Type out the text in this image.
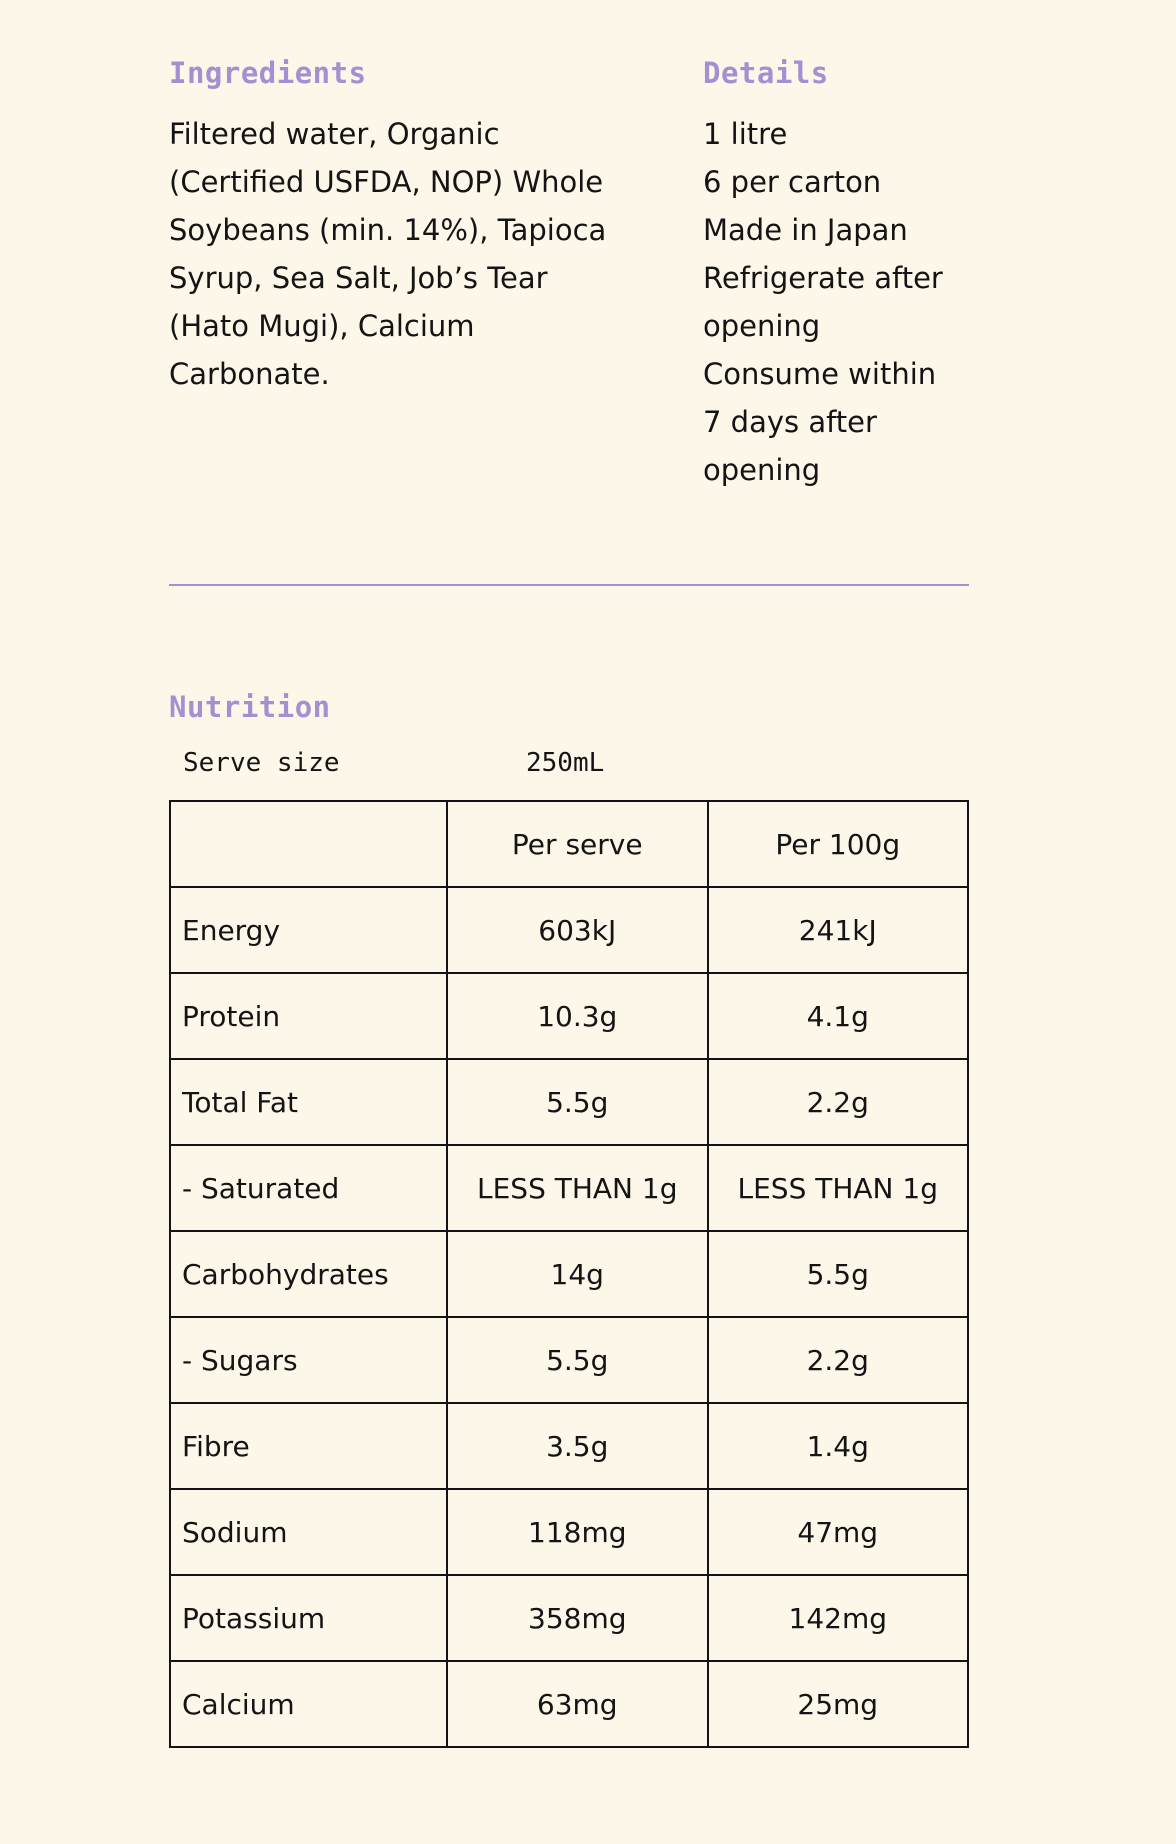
Ingredients

Filtered water, Organic (Certified USFDA, NOP) Whole Soybeans (min. 14%), Tapioca Syrup, Sea Salt, Job’s Tear (Hato Mugi), Calcium Carbonate.

Details
1 litre
6 per carton
Made in Japan
Refrigerate after opening
Consume within 7 days after opening
Nutrition
Serve size	250mL
	Per serve	Per 100g
Energy	603kJ	241kJ
Protein	10.3g	4.1g
Total Fat	5.5g	2.2g
- Saturated	LESS THAN 1g	LESS THAN 1g
Carbohydrates	14g	5.5g
- Sugars	5.5g	2.2g
Fibre	3.5g	1.4g
Sodium	118mg	47mg
Potassium	358mg	142mg
Calcium	63mg	25mg
